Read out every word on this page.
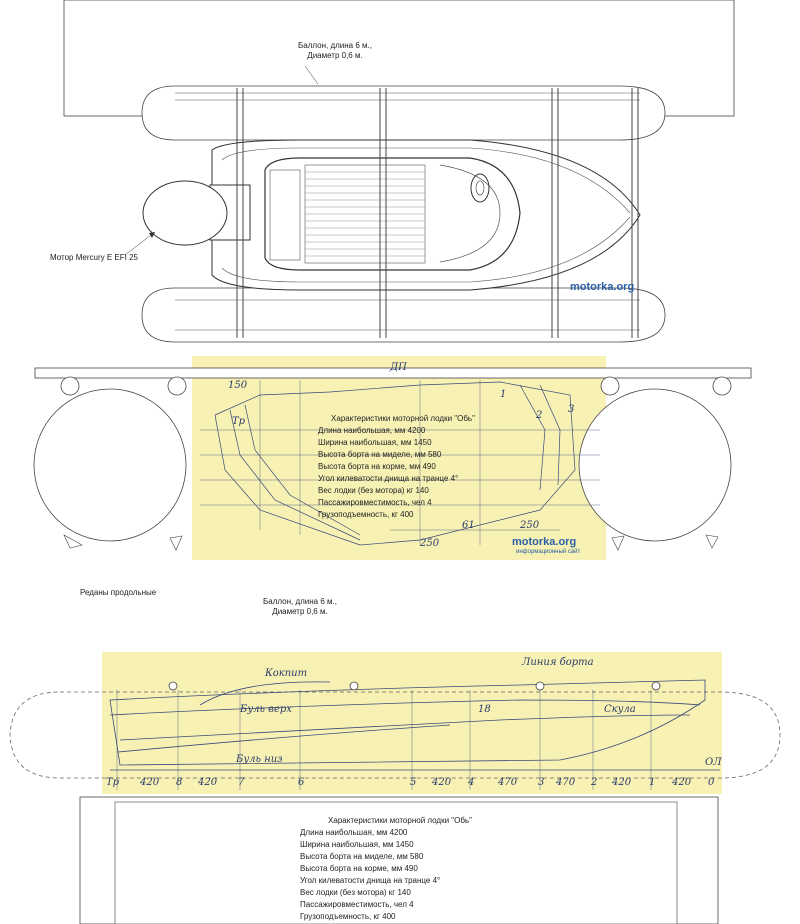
motorka.org
150
Тр
1
2
3
250
61	250
ДП
motorka.org
информационный сайт
Кокпит
Линия борта
Буль верх
Буль низ
Скула
ОЛ
18
Тр 420 8 420 7	6	5 420 4 470 3 470 2 420 1 420 0
Баллон, длина 6 м.,
Диаметр 0,6 м.
Мотор Mercury E EFI 25
Характеристики моторной лодки "Обь"
Длина наибольшая, мм 4200
Ширина наибольшая, мм 1450
Высота борта на миделе, мм 580
Высота борта на корме, мм 490
Угол килеватости днища на транце 4°
Вес лодки (без мотора) кг 140
Пассажировместимость, чел 4
Грузоподъемность, кг 400
Реданы продольные
Баллон, длина 6 м.,
Диаметр 0,6 м.
Характеристики моторной лодки "Обь"
Длина наибольшая, мм 4200
Ширина наибольшая, мм 1450
Высота борта на миделе, мм 580
Высота борта на корме, мм 490
Угол килеватости днища на транце 4°
Вес лодки (без мотора) кг 140
Пассажировместимость, чел 4
Грузоподъемность, кг 400
